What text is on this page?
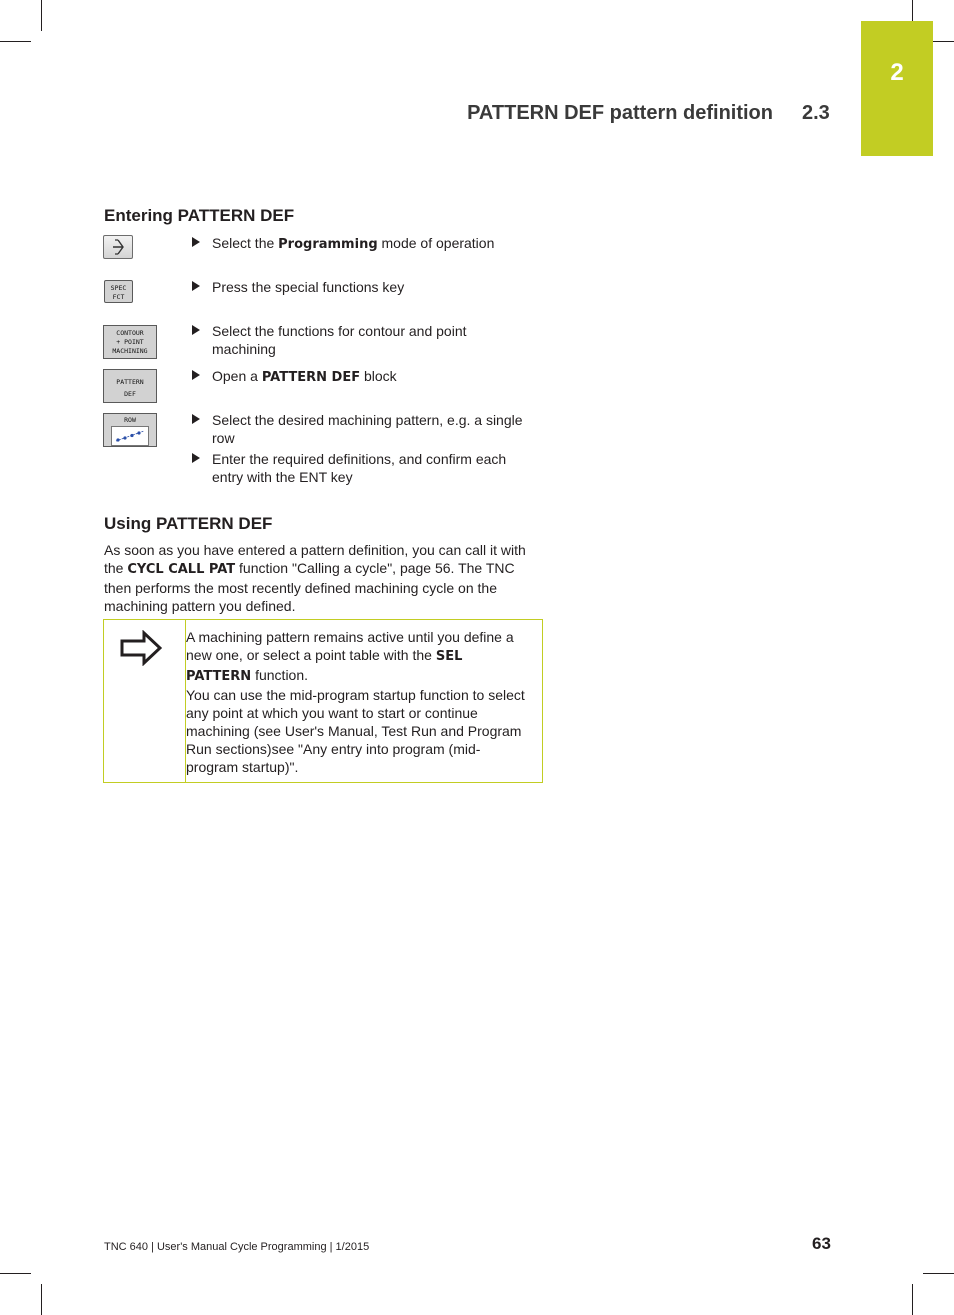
2
PATTERN DEF pattern definition 2.3
Entering PATTERN DEF
SPEC
FCT
CONTOUR
+ POINT
MACHINING
PATTERN
DEF
ROW
Select the Programming mode of operation
Press the special functions key
Select the functions for contour and point machining
Open a PATTERN DEF block
Select the desired machining pattern, e.g. a single row
Enter the required definitions, and confirm each entry with the ENT key
Using PATTERN DEF

As soon as you have entered a pattern definition, you can call it with the CYCL CALL PAT function "Calling a cycle", page 56. The TNC then performs the most recently defined machining cycle on the machining pattern you defined.

A machining pattern remains active until you define a new one, or select a point table with the SEL PATTERN function.

You can use the mid-program startup function to select any point at which you want to start or continue machining (see User's Manual, Test Run and Program Run sections)see "Any entry into program (mid-program startup)".

TNC 640 | User's Manual Cycle Programming | 1/2015	63
